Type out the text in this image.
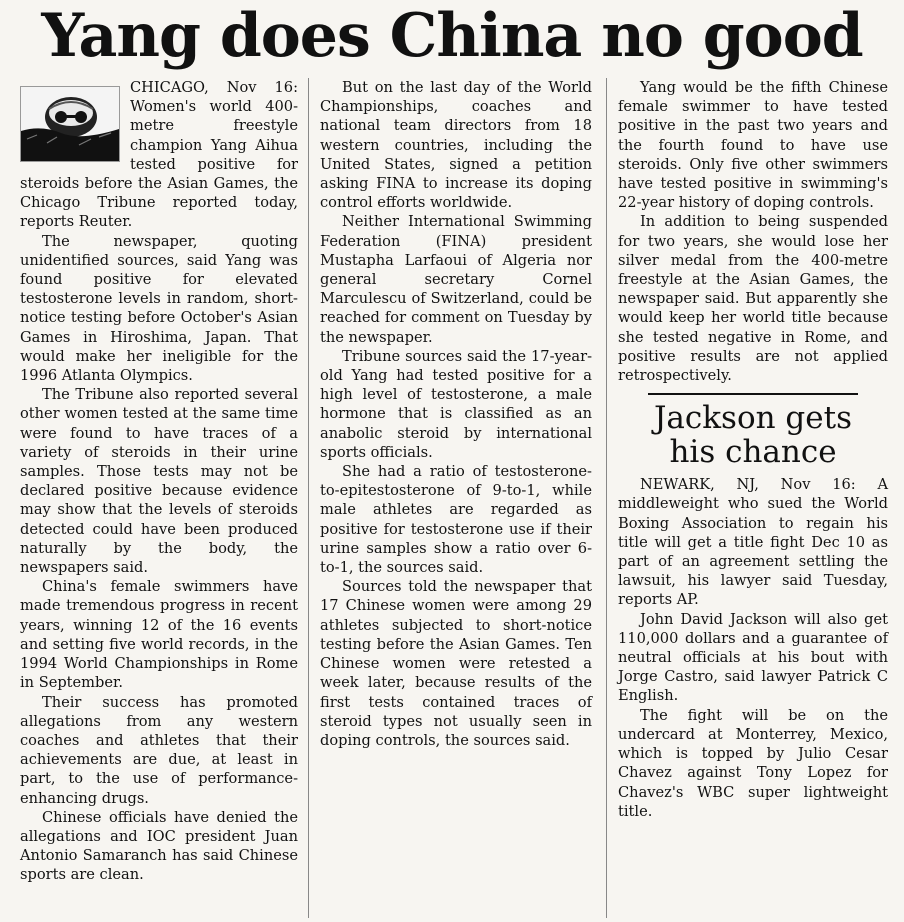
Yang does China no good

CHICAGO, Nov 16: Women's world 400-metre freestyle champion Yang Aihua tested positive for steroids before the Asian Games, the Chicago Tribune reported today, reports Reuter.

The newspaper, quoting unidentified sources, said Yang was found positive for elevated testosterone levels in random, short-notice testing before October's Asian Games in Hiroshima, Japan. That would make her ineligible for the 1996 Atlanta Olympics.

The Tribune also reported several other women tested at the same time were found to have traces of a variety of steroids in their urine samples. Those tests may not be declared positive because evidence may show that the levels of steroids detected could have been produced naturally by the body, the newspapers said.

China's female swimmers have made tremendous progress in recent years, winning 12 of the 16 events and setting five world records, in the 1994 World Championships in Rome in September.

Their success has promoted allegations from any western coaches and athletes that their achievements are due, at least in part, to the use of performance-enhancing drugs.

Chinese officials have denied the allegations and IOC president Juan Antonio Samaranch has said Chinese sports are clean.

But on the last day of the World Championships, coaches and national team directors from 18 western countries, including the United States, signed a petition asking FINA to increase its doping control efforts worldwide.

Neither International Swimming Federation (FINA) president Mustapha Larfaoui of Algeria nor general secretary Cornel Marculescu of Switzerland, could be reached for comment on Tuesday by the newspaper.

Tribune sources said the 17-year-old Yang had tested positive for a high level of testosterone, a male hormone that is classified as an anabolic steroid by international sports officials.

She had a ratio of testosterone-to-epitestosterone of 9-to-1, while male athletes are regarded as positive for testosterone use if their urine samples show a ratio over 6-to-1, the sources said.

Sources told the newspaper that 17 Chinese women were among 29 athletes subjected to short-notice testing before the Asian Games. Ten Chinese women were retested a week later, because results of the first tests contained traces of steroid types not usually seen in doping controls, the sources said.

Yang would be the fifth Chinese female swimmer to have tested positive in the past two years and the fourth found to have use steroids. Only five other swimmers have tested positive in swimming's 22-year history of doping controls.

In addition to being suspended for two years, she would lose her silver medal from the 400-metre freestyle at the Asian Games, the newspaper said. But apparently she would keep her world title because she tested negative in Rome, and positive results are not applied retrospectively.

Jackson gets
his chance

NEWARK, NJ, Nov 16: A middleweight who sued the World Boxing Association to regain his title will get a title fight Dec 10 as part of an agreement settling the lawsuit, his lawyer said Tuesday, reports AP.

John David Jackson will also get 110,000 dollars and a guarantee of neutral officials at his bout with Jorge Castro, said lawyer Patrick C English.

The fight will be on the undercard at Monterrey, Mexico, which is topped by Julio Cesar Chavez against Tony Lopez for Chavez's WBC super lightweight title.
